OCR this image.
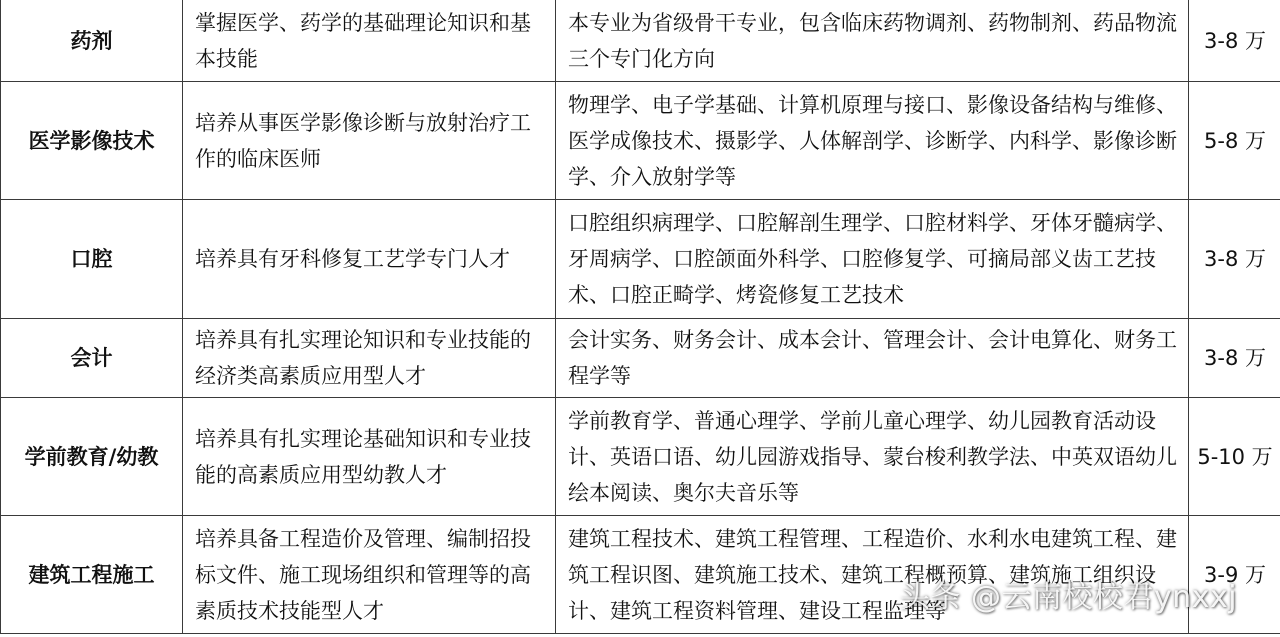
药剂	掌握医学、药学的基础理论知识和基本技能	本专业为省级骨干专业，包含临床药物调剂、药物制剂、药品物流三个专门化方向	3-8 万
医学影像技术	培养从事医学影像诊断与放射治疗工作的临床医师	物理学、电子学基础、计算机原理与接口、影像设备结构与维修、医学成像技术、摄影学、人体解剖学、诊断学、内科学、影像诊断学、介入放射学等	5-8 万
口腔	培养具有牙科修复工艺学专门人才	口腔组织病理学、口腔解剖生理学、口腔材料学、牙体牙髓病学、牙周病学、口腔颌面外科学、口腔修复学、可摘局部义齿工艺技术、口腔正畸学、烤瓷修复工艺技术	3-8 万
会计	培养具有扎实理论知识和专业技能的经济类高素质应用型人才	会计实务、财务会计、成本会计、管理会计、会计电算化、财务工程学等	3-8 万
学前教育/幼教	培养具有扎实理论基础知识和专业技能的高素质应用型幼教人才	学前教育学、普通心理学、学前儿童心理学、幼儿园教育活动设计、英语口语、幼儿园游戏指导、蒙台梭利教学法、中英双语幼儿绘本阅读、奥尔夫音乐等	5-10 万
建筑工程施工	培养具备工程造价及管理、编制招投标文件、施工现场组织和管理等的高素质技术技能型人才	建筑工程技术、建筑工程管理、工程造价、水利水电建筑工程、建筑工程识图、建筑施工技术、建筑工程概预算、建筑施工组织设计、建筑工程资料管理、建设工程监理等	3-9 万
头条 @云南校校君ynxxj
